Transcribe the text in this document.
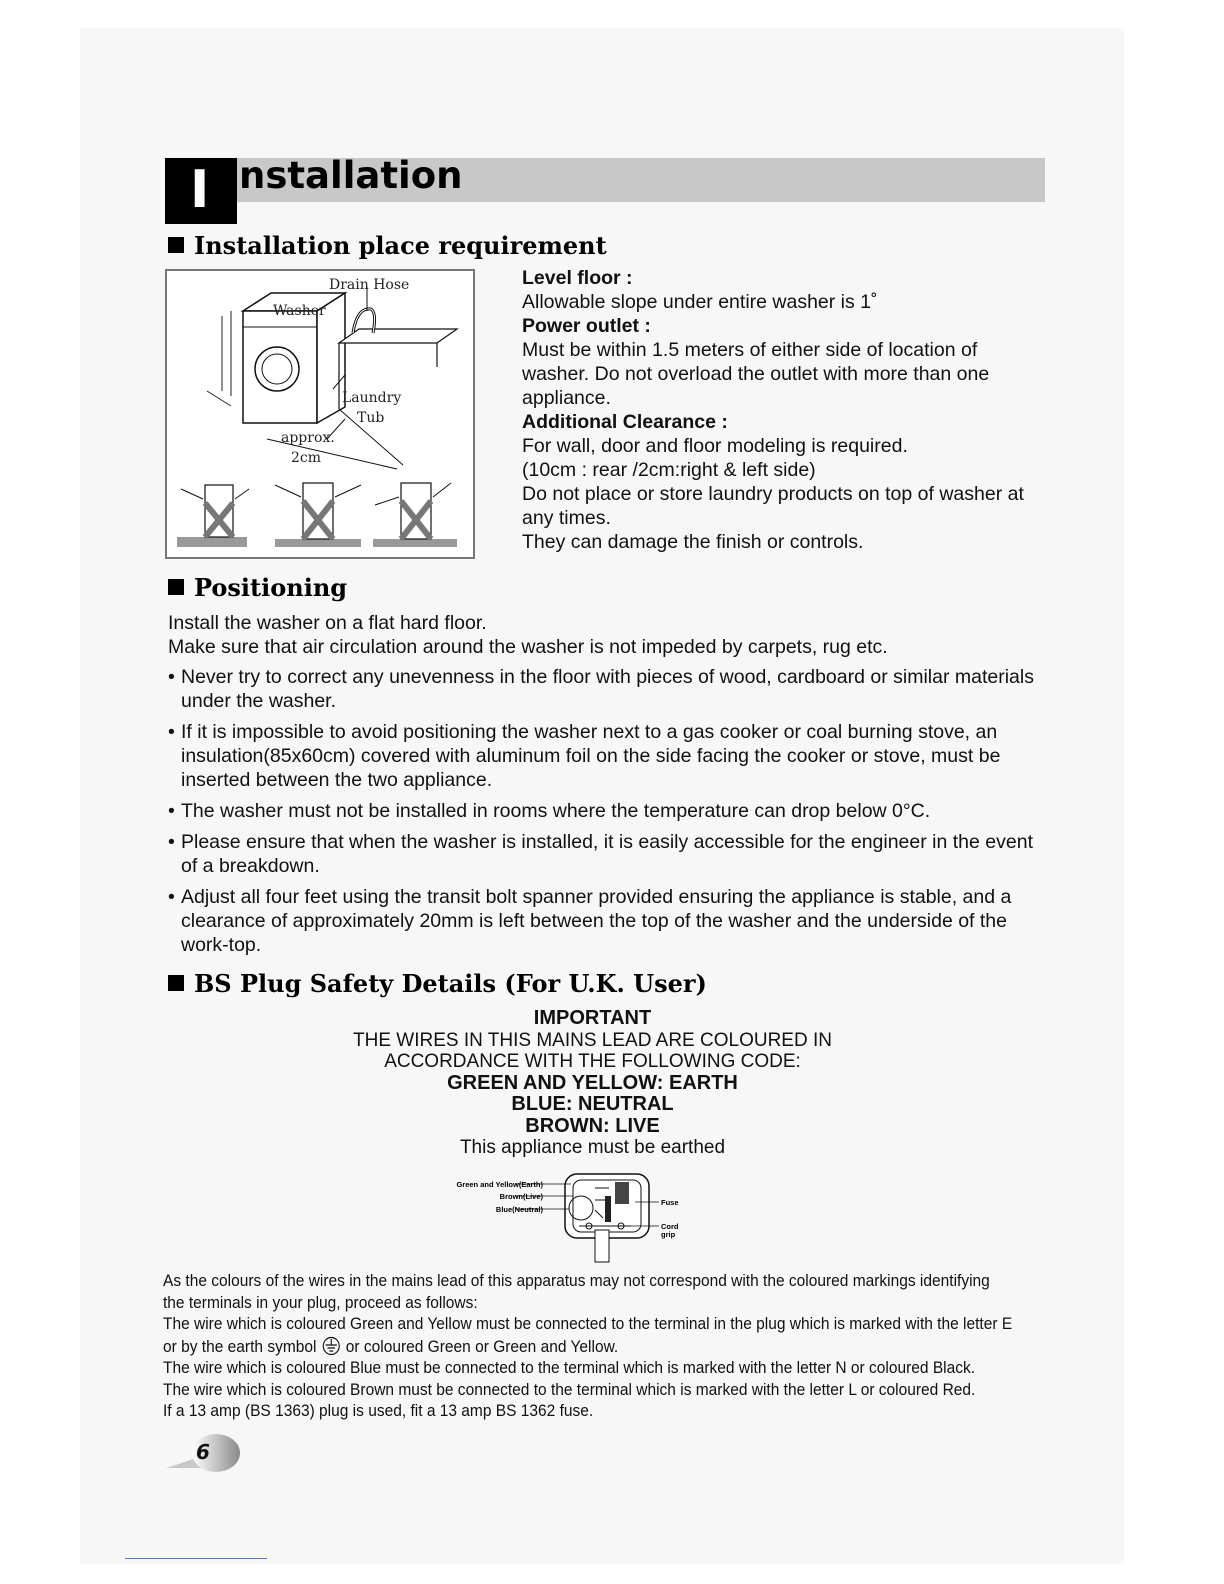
I nstallation
Installation place requirement
Drain Hose
Washer
Laundry
Tub
approx.
2cm

Level floor :

Allowable slope under entire washer is 1˚

Power outlet :

Must be within 1.5 meters of either side of location of washer. Do not overload the outlet with more than one appliance.

Additional Clearance :

For wall, door and floor modeling is required.

(10cm : rear /2cm:right & left side)

Do not place or store laundry products on top of washer at any times.

They can damage the finish or controls.

Positioning

Install the washer on a flat hard floor.

Make sure that air circulation around the washer is not impeded by carpets, rug etc.

• Never try to correct any unevenness in the floor with pieces of wood, cardboard or similar materials under the washer.
• If it is impossible to avoid positioning the washer next to a gas cooker or coal burning stove, an insulation(85x60cm) covered with aluminum foil on the side facing the cooker or stove, must be inserted between the two appliance.
• The washer must not be installed in rooms where the temperature can drop below 0°C.
• Please ensure that when the washer is installed, it is easily accessible for the engineer in the event of a breakdown.
• Adjust all four feet using the transit bolt spanner provided ensuring the appliance is stable, and a clearance of approximately 20mm is left between the top of the washer and the underside of the work-top.
BS Plug Safety Details (For U.K. User)

IMPORTANT

THE WIRES IN THIS MAINS LEAD ARE COLOURED IN

ACCORDANCE WITH THE FOLLOWING CODE:

GREEN AND YELLOW: EARTH

BLUE: NEUTRAL

BROWN: LIVE

This appliance must be earthed

Green and Yellow(Earth)
Brown(Live)
Blue(Neutral)
Fuse
Cord
grip

As the colours of the wires in the mains lead of this apparatus may not correspond with the coloured markings identifying

the terminals in your plug, proceed as follows:

The wire which is coloured Green and Yellow must be connected to the terminal in the plug which is marked with the letter E

or by the earth symbol or coloured Green or Green and Yellow.

The wire which is coloured Blue must be connected to the terminal which is marked with the letter N or coloured Black.

The wire which is coloured Brown must be connected to the terminal which is marked with the letter L or coloured Red.

If a 13 amp (BS 1363) plug is used, fit a 13 amp BS 1362 fuse.

6
